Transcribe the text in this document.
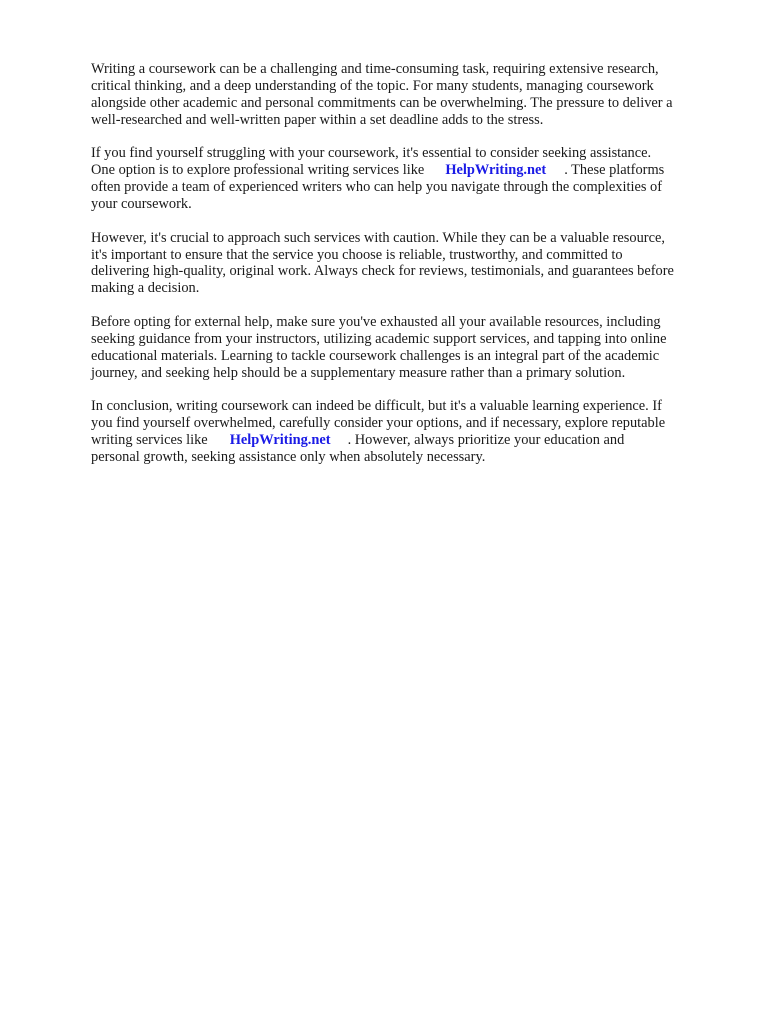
Writing a coursework can be a challenging and time-consuming task, requiring extensive research,
critical thinking, and a deep understanding of the topic. For many students, managing coursework
alongside other academic and personal commitments can be overwhelming. The pressure to deliver a
well-researched and well-written paper within a set deadline adds to the stress.

If you find yourself struggling with your coursework, it's essential to consider seeking assistance.
One option is to explore professional writing services like HelpWriting.net . These platforms
often provide a team of experienced writers who can help you navigate through the complexities of
your coursework.

However, it's crucial to approach such services with caution. While they can be a valuable resource,
it's important to ensure that the service you choose is reliable, trustworthy, and committed to
delivering high-quality, original work. Always check for reviews, testimonials, and guarantees before
making a decision.

Before opting for external help, make sure you've exhausted all your available resources, including
seeking guidance from your instructors, utilizing academic support services, and tapping into online
educational materials. Learning to tackle coursework challenges is an integral part of the academic
journey, and seeking help should be a supplementary measure rather than a primary solution.

In conclusion, writing coursework can indeed be difficult, but it's a valuable learning experience. If
you find yourself overwhelmed, carefully consider your options, and if necessary, explore reputable
writing services like HelpWriting.net . However, always prioritize your education and
personal growth, seeking assistance only when absolutely necessary.
